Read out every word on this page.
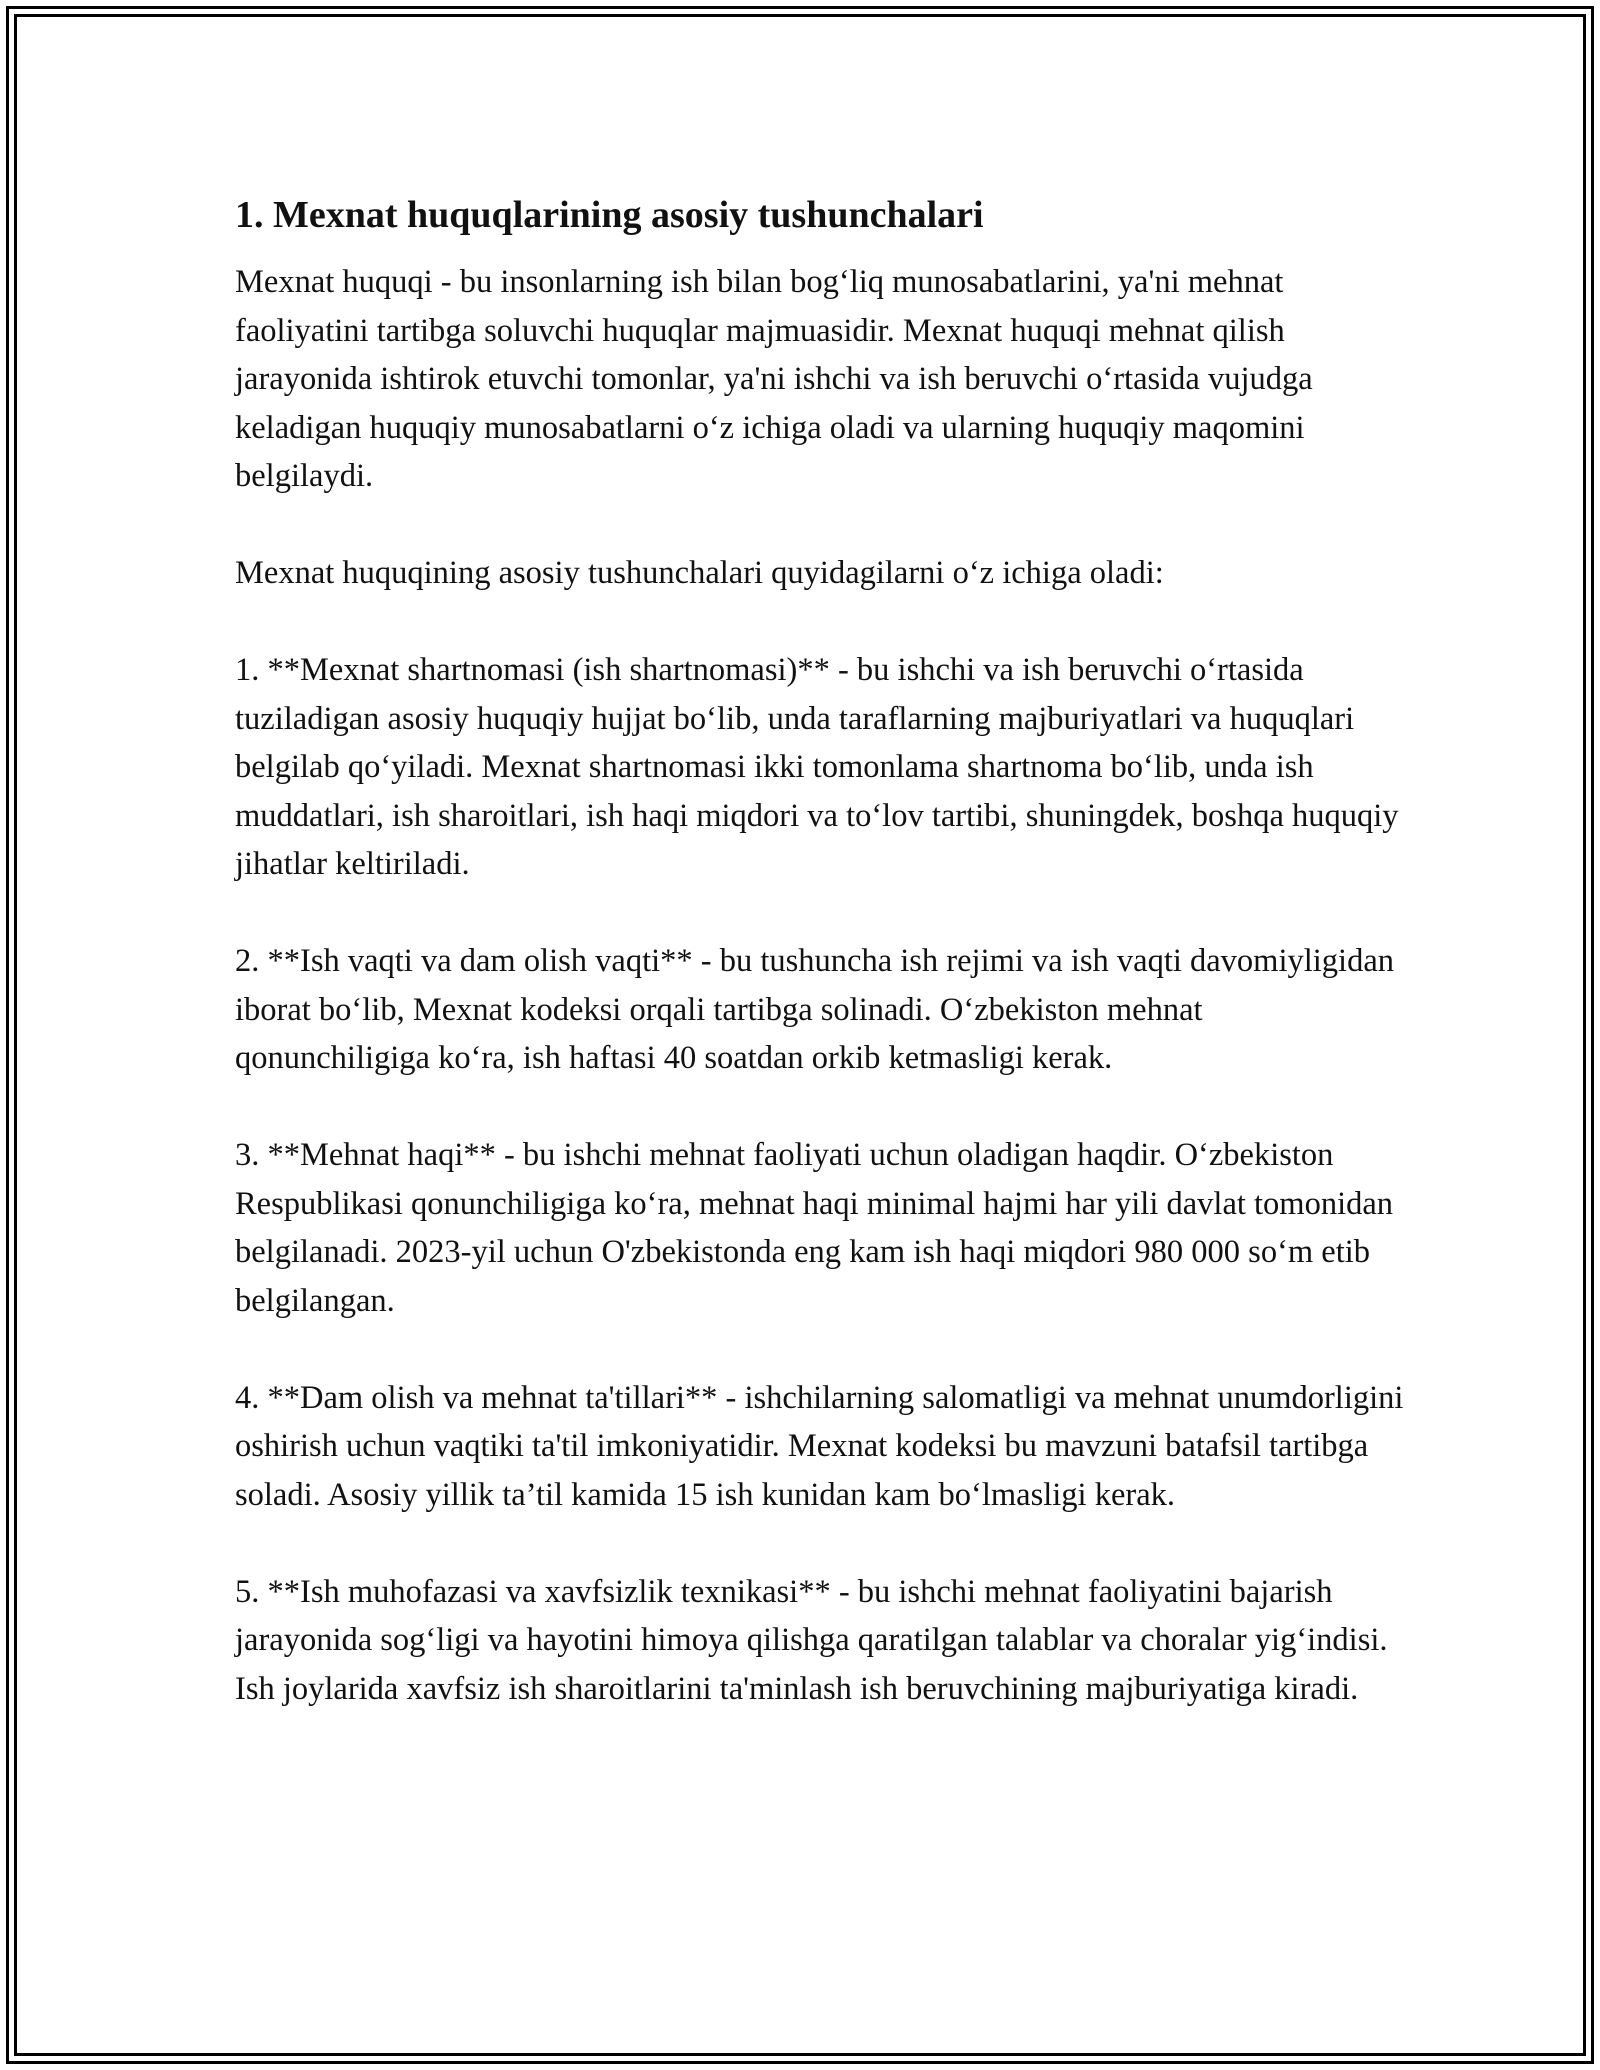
1. Mexnat huquqlarining asosiy tushunchalari

Mexnat huquqi - bu insonlarning ish bilan bog‘liq munosabatlarini, ya'ni mehnat faoliyatini tartibga soluvchi huquqlar majmuasidir. Mexnat huquqi mehnat qilish jarayonida ishtirok etuvchi tomonlar, ya'ni ishchi va ish beruvchi o‘rtasida vujudga keladigan huquqiy munosabatlarni o‘z ichiga oladi va ularning huquqiy maqomini belgilaydi.

Mexnat huquqining asosiy tushunchalari quyidagilarni o‘z ichiga oladi:

1. **Mexnat shartnomasi (ish shartnomasi)** - bu ishchi va ish beruvchi o‘rtasida tuziladigan asosiy huquqiy hujjat bo‘lib, unda taraflarning majburiyatlari va huquqlari belgilab qo‘yiladi. Mexnat shartnomasi ikki tomonlama shartnoma bo‘lib, unda ish muddatlari, ish sharoitlari, ish haqi miqdori va to‘lov tartibi, shuningdek, boshqa huquqiy jihatlar keltiriladi.

2. **Ish vaqti va dam olish vaqti** - bu tushuncha ish rejimi va ish vaqti davomiyligidan iborat bo‘lib, Mexnat kodeksi orqali tartibga solinadi. O‘zbekiston mehnat qonunchiligiga ko‘ra, ish haftasi 40 soatdan orkib ketmasligi kerak.

3. **Mehnat haqi** - bu ishchi mehnat faoliyati uchun oladigan haqdir. O‘zbekiston Respublikasi qonunchiligiga ko‘ra, mehnat haqi minimal hajmi har yili davlat tomonidan belgilanadi. 2023-yil uchun O'zbekistonda eng kam ish haqi miqdori 980 000 so‘m etib belgilangan.

4. **Dam olish va mehnat ta'tillari** - ishchilarning salomatligi va mehnat unumdorligini oshirish uchun vaqtiki ta'til imkoniyatidir. Mexnat kodeksi bu mavzuni batafsil tartibga soladi. Asosiy yillik ta’til kamida 15 ish kunidan kam bo‘lmasligi kerak.

5. **Ish muhofazasi va xavfsizlik texnikasi** - bu ishchi mehnat faoliyatini bajarish jarayonida sog‘ligi va hayotini himoya qilishga qaratilgan talablar va choralar yig‘indisi. Ish joylarida xavfsiz ish sharoitlarini ta'minlash ish beruvchining majburiyatiga kiradi.
